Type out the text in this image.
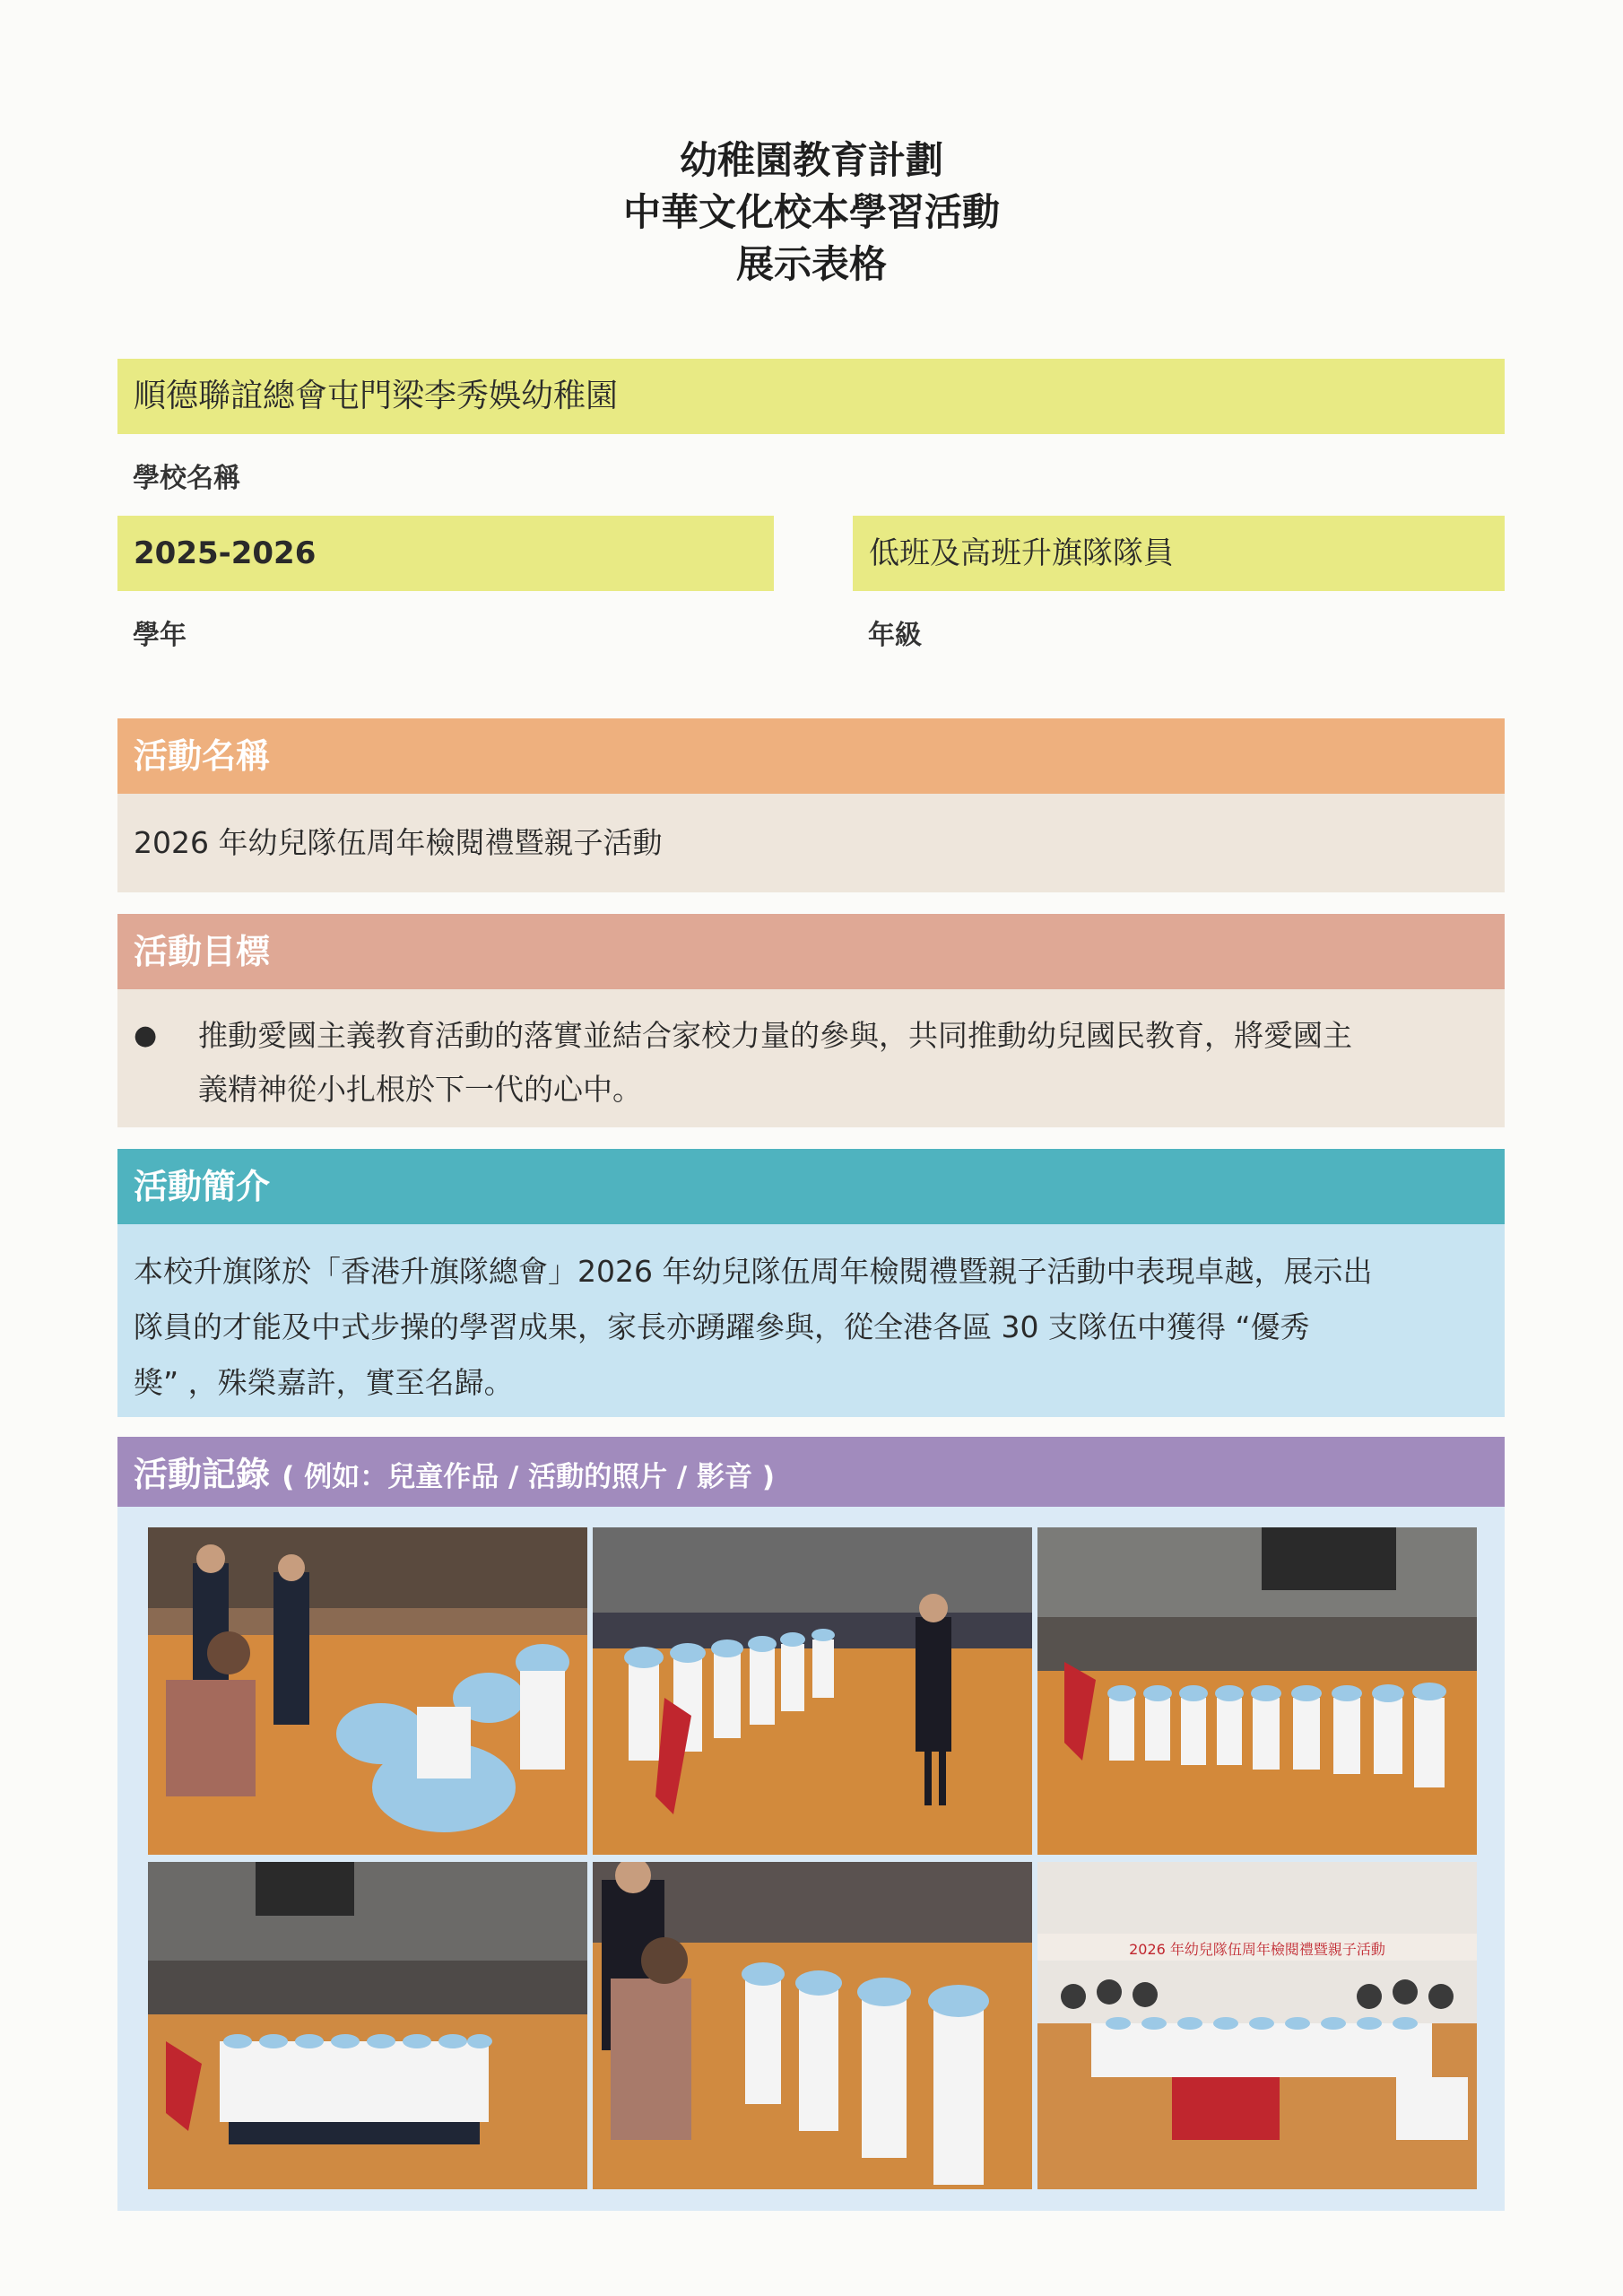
幼稚園教育計劃
中華文化校本學習活動
展示表格
順德聯誼總會屯門梁李秀娛幼稚園
學校名稱
2025-2026
學年
低班及高班升旗隊隊員
年級
活動名稱
2026 年幼兒隊伍周年檢閱禮暨親子活動
活動目標
● 推動愛國主義教育活動的落實並結合家校力量的參與，共同推動幼兒國民教育，將愛國主
義精神從小扎根於下一代的心中。
活動簡介
本校升旗隊於「香港升旗隊總會」2026 年幼兒隊伍周年檢閱禮暨親子活動中表現卓越，展示出
隊員的才能及中式步操的學習成果，家長亦踴躍參與，從全港各區 30 支隊伍中獲得 “優秀
獎” ，殊榮嘉許，實至名歸。
活動記錄 ( 例如：兒童作品 / 活動的照片 / 影音 )
2026 年幼兒隊伍周年檢閱禮暨親子活動
